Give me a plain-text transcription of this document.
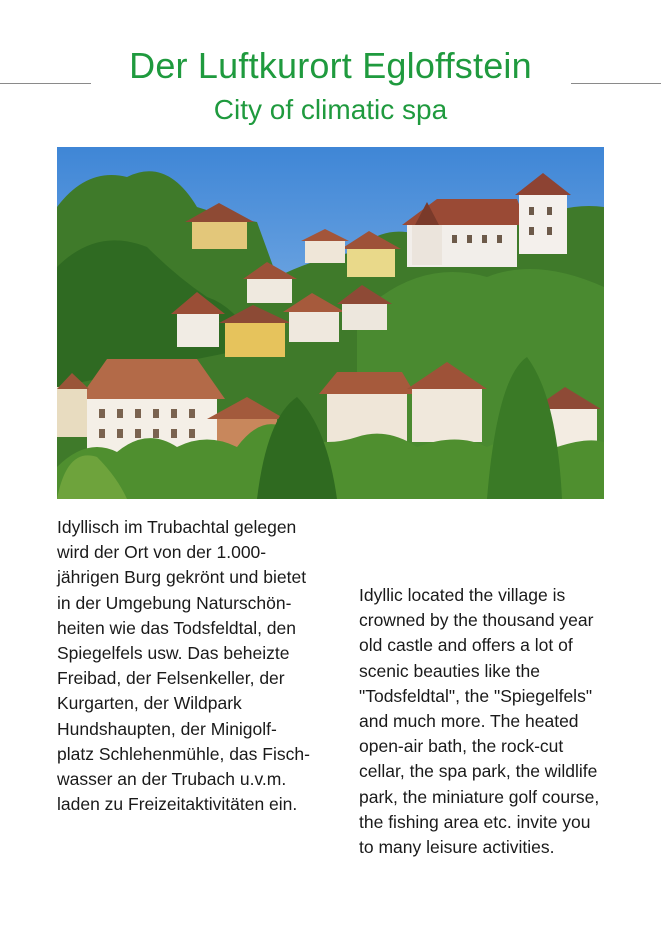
Der Luftkurort Egloffstein
City of climatic spa

Idyllisch im Trubachtal gelegen
wird der Ort von der 1.000-
jährigen Burg gekrönt und bietet
in der Umgebung Naturschön-
heiten wie das Todsfeldtal, den
Spiegelfels usw. Das beheizte
Freibad, der Felsenkeller, der
Kurgarten, der Wildpark
Hundshaupten, der Minigolf-
platz Schlehenmühle, das Fisch-
wasser an der Trubach u.v.m.
laden zu Freizeitaktivitäten ein.

Idyllic located the village is
crowned by the thousand year
old castle and offers a lot of
scenic beauties like the
"Todsfeldtal", the "Spiegelfels"
and much more. The heated
open-air bath, the rock-cut
cellar, the spa park, the wildlife
park, the miniature golf course,
the fishing area etc. invite you
to many leisure activities.
